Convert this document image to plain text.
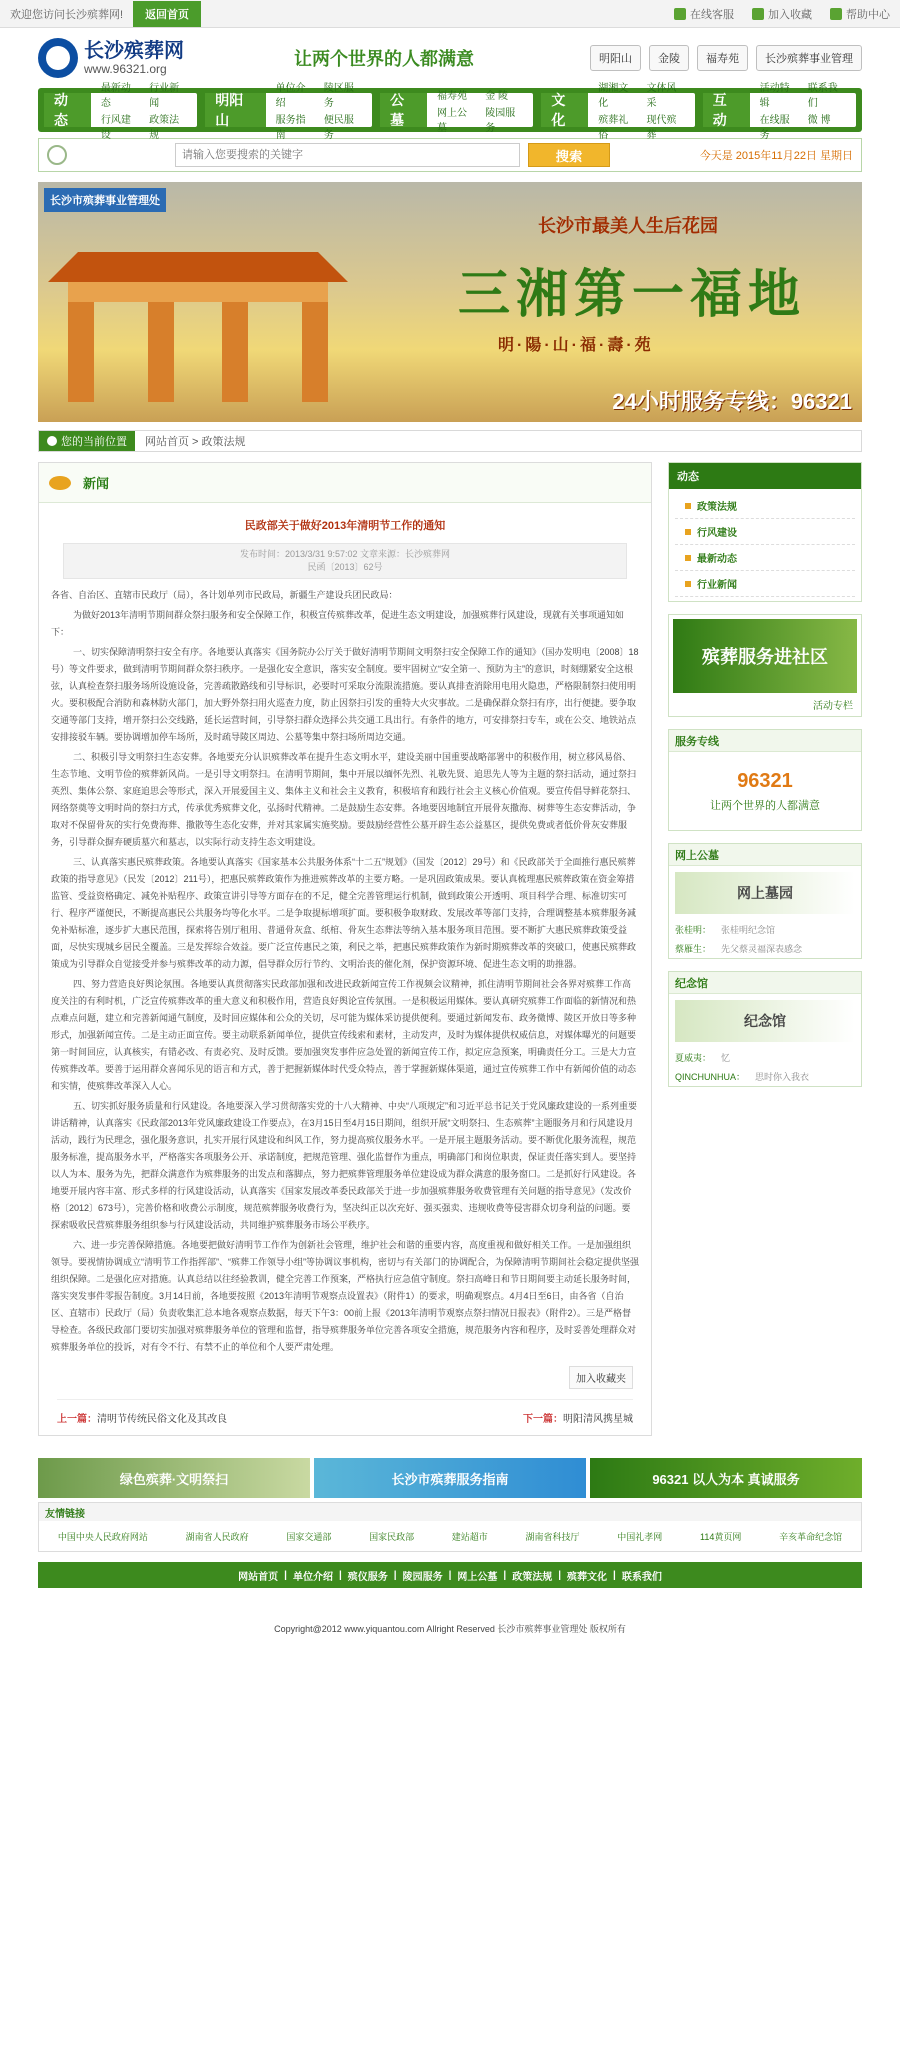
欢迎您访问长沙殡葬网!	返回首页	在线客服	加入收藏	帮助中心
长沙殡葬网
www.96321.org	让两个世界的人都满意	明阳山	金陵	福寿苑	长沙殡葬事业管理
动态
最新动态
行业新闻
行风建设
政策法规
明阳山
单位介绍
陵区服务
服务指南
便民服务
公墓
福寿苑	金 陵
网上公墓
陵园服务
文化
湖湘文化
文体风采
殡葬礼俗
现代殡葬
互动
活动特辑
联系我们
在线服务
微 博
请输入您要搜索的关键字
搜索	今天是 2015年11月22日 星期日
长沙市殡葬事业管理处
长沙市最美人生后花园
三湘第一福地
明·陽·山·福·壽·苑
24小时服务专线：96321
您的当前位置	网站首页 > 政策法规
新闻
民政部关于做好2013年清明节工作的通知
发布时间：2013/3/31 9:57:02 文章来源：长沙殡葬网
民函〔2013〕62号

各省、自治区、直辖市民政厅（局），各计划单列市民政局，新疆生产建设兵团民政局：

为做好2013年清明节期间群众祭扫服务和安全保障工作，积极宣传殡葬改革，促进生态文明建设，加强殡葬行风建设，现就有关事项通知如下：

一、切实保障清明祭扫安全有序。各地要认真落实《国务院办公厅关于做好清明节期间文明祭扫安全保障工作的通知》（国办发明电〔2008〕18号）等文件要求，做到清明节期间群众祭扫秩序。一是强化安全意识，落实安全制度。要牢固树立“安全第一、预防为主”的意识，时刻绷紧安全这根弦，认真检查祭扫服务场所设施设备，完善疏散路线和引导标识，必要时可采取分流限流措施。要认真排查消除用电用火隐患，严格限制祭扫使用明火。要积极配合消防和森林防火部门，加大野外祭扫用火巡查力度，防止因祭扫引发的重特大火灾事故。二是确保群众祭扫有序，出行便捷。要争取交通等部门支持，增开祭扫公交线路，延长运营时间，引导祭扫群众选择公共交通工具出行。有条件的地方，可安排祭扫专车，或在公交、地铁站点安排接驳车辆。要协调增加停车场所，及时疏导陵区周边、公墓等集中祭扫场所周边交通。

二、积极引导文明祭扫生态安葬。各地要充分认识殡葬改革在提升生态文明水平，建设美丽中国重要战略部署中的积极作用，树立移风易俗、生态节地、文明节俭的殡葬新风尚。一是引导文明祭扫。在清明节期间，集中开展以缅怀先烈、礼敬先贤、追思先人等为主题的祭扫活动，通过祭扫英烈、集体公祭、家庭追思会等形式，深入开展爱国主义、集体主义和社会主义教育，积极培育和践行社会主义核心价值观。要宣传倡导鲜花祭扫、网络祭奠等文明时尚的祭扫方式，传承优秀殡葬文化，弘扬时代精神。二是鼓励生态安葬。各地要因地制宜开展骨灰撒海、树葬等生态安葬活动，争取对不保留骨灰的实行免费海葬、撒散等生态化安葬，并对其家属实施奖励。要鼓励经营性公墓开辟生态公益墓区，提供免费或者低价骨灰安葬服务，引导群众摒弃硬质墓穴和墓志，以实际行动支持生态文明建设。

三、认真落实惠民殡葬政策。各地要认真落实《国家基本公共服务体系“十二五”规划》（国发〔2012〕29号）和《民政部关于全面推行惠民殡葬政策的指导意见》（民发〔2012〕211号），把惠民殡葬政策作为推进殡葬改革的主要方略。一是巩固政策成果。要认真梳理惠民殡葬政策在资金筹措监管、受益资格确定、减免补贴程序、政策宣讲引导等方面存在的不足，健全完善管理运行机制，做到政策公开透明、项目科学合理、标准切实可行、程序严谨便民，不断提高惠民公共服务均等化水平。二是争取提标增项扩面。要积极争取财政、发展改革等部门支持，合理调整基本殡葬服务减免补贴标准，逐步扩大惠民范围，探索将告别厅租用、普通骨灰盒、纸棺、骨灰生态葬法等纳入基本服务项目范围。要不断扩大惠民殡葬政策受益面，尽快实现城乡居民全覆盖。三是发挥综合效益。要广泛宣传惠民之策，利民之举，把惠民殡葬政策作为新时期殡葬改革的突破口，使惠民殡葬政策成为引导群众自觉接受并参与殡葬改革的动力源，倡导群众厉行节约、文明治丧的催化剂，保护资源环境、促进生态文明的助推器。

四、努力营造良好舆论氛围。各地要认真贯彻落实民政部加强和改进民政新闻宣传工作视频会议精神，抓住清明节期间社会各界对殡葬工作高度关注的有利时机，广泛宣传殡葬改革的重大意义和积极作用，营造良好舆论宣传氛围。一是积极运用媒体。要认真研究殡葬工作面临的新情况和热点难点问题，建立和完善新闻通气制度，及时回应媒体和公众的关切，尽可能为媒体采访提供便利。要通过新闻发布、政务微博、陵区开放日等多种形式，加强新闻宣传。二是主动正面宣传。要主动联系新闻单位，提供宣传线索和素材，主动发声，及时为媒体提供权威信息，对媒体曝光的问题要第一时间回应，认真核实，有错必改、有责必究、及时反馈。要加强突发事件应急处置的新闻宣传工作，拟定应急预案，明确责任分工。三是大力宣传殡葬改革。要善于运用群众喜闻乐见的语言和方式，善于把握新媒体时代受众特点，善于掌握新媒体渠道，通过宣传殡葬工作中有新闻价值的动态和实情，使殡葬改革深入人心。

五、切实抓好服务质量和行风建设。各地要深入学习贯彻落实党的十八大精神、中央“八项规定”和习近平总书记关于党风廉政建设的一系列重要讲话精神，认真落实《民政部2013年党风廉政建设工作要点》，在3月15日至4月15日期间，组织开展“文明祭扫、生态殡葬”主题服务月和行风建设月活动，践行为民理念，强化服务意识，扎实开展行风建设和纠风工作，努力提高殡仪服务水平。一是开展主题服务活动。要不断优化服务流程，规范服务标准，提高服务水平，严格落实各项服务公开、承诺制度，把规范管理、强化监督作为重点，明确部门和岗位职责，保证责任落实到人。要坚持以人为本、服务为先，把群众满意作为殡葬服务的出发点和落脚点，努力把殡葬管理服务单位建设成为群众满意的服务窗口。二是抓好行风建设。各地要开展内容丰富、形式多样的行风建设活动，认真落实《国家发展改革委民政部关于进一步加强殡葬服务收费管理有关问题的指导意见》（发改价格〔2012〕673号），完善价格和收费公示制度，规范殡葬服务收费行为，坚决纠正以次充好、强买强卖、违规收费等侵害群众切身利益的问题。要探索吸收民营殡葬服务组织参与行风建设活动，共同维护殡葬服务市场公平秩序。

六、进一步完善保障措施。各地要把做好清明节工作作为创新社会管理，维护社会和谐的重要内容，高度重视和做好相关工作。一是加强组织领导。要视情协调成立“清明节工作指挥部”、“殡葬工作领导小组”等协调议事机构，密切与有关部门的协调配合，为保障清明节期间社会稳定提供坚强组织保障。二是强化应对措施。认真总结以往经验教训，健全完善工作预案，严格执行应急值守制度。祭扫高峰日和节日期间要主动延长服务时间，落实突发事件零报告制度。3月14日前，各地要按照《2013年清明节观察点设置表》（附件1）的要求，明确观察点。4月4日至6日，由各省（自治区、直辖市）民政厅（局）负责收集汇总本地各观察点数据，每天下午3：00前上报《2013年清明节观察点祭扫情况日报表》（附件2）。三是严格督导检查。各级民政部门要切实加强对殡葬服务单位的管理和监督，指导殡葬服务单位完善各项安全措施，规范服务内容和程序，及时妥善处理群众对殡葬服务单位的投诉，对有令不行、有禁不止的单位和个人要严肃处理。

加入收藏夹
上一篇：清明节传统民俗文化及其改良	下一篇：明阳清风携星城
动态
政策法规
行风建设
最新动态
行业新闻
殡葬服务进社区
活动专栏
服务专线
96321
让两个世界的人都满意
网上公墓
网上墓园
张桂明： 张桂明纪念馆
蔡雁生： 先父蔡灵福深表感念
纪念馆
纪念馆
夏威夷： 忆
QINCHUNHUA： 思时你入我衣
绿色殡葬·文明祭扫	长沙市殡葬服务指南	96321 以人为本 真诚服务
友情链接
中国中央人民政府网站	湖南省人民政府	国家交通部	国家民政部	建站超市	湖南省科技厅	中国礼孝网	114黄页网	辛亥革命纪念馆
网站首页 | 单位介绍 | 殡仪服务 | 陵园服务 | 网上公墓 | 政策法规 | 殡葬文化 | 联系我们
Copyright@2012 www.yiquantou.com Allright Reserved 长沙市殡葬事业管理处 版权所有
